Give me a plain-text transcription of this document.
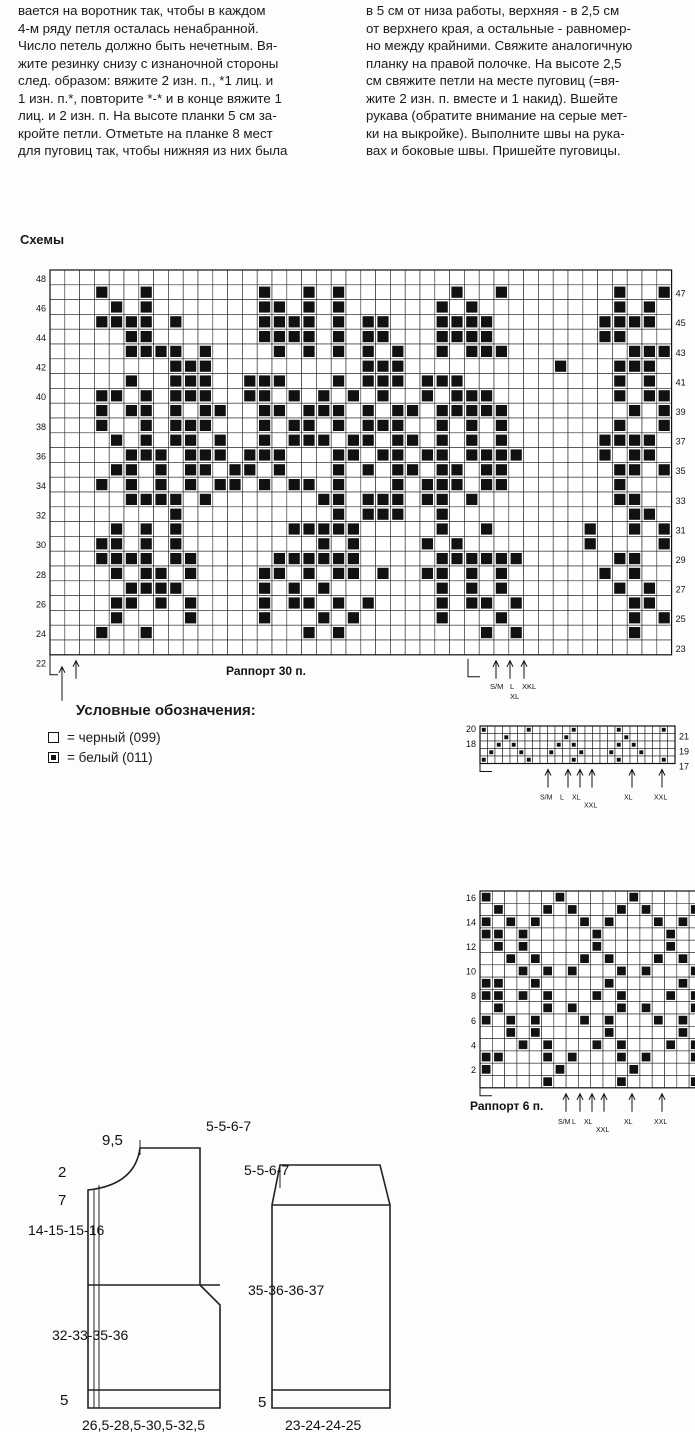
вается на воротник так, чтобы в каждом

4-м ряду петля осталась ненабранной.

Число петель должно быть нечетным. Вя-

жите резинку снизу с изнаночной стороны

след. образом: вяжите 2 изн. п., *1 лиц. и

1 изн. п.*, повторите *-* и в конце вяжите 1

лиц. и 2 изн. п. На высоте планки 5 см за-

кройте петли. Отметьте на планке 8 мест

для пуговиц так, чтобы нижняя из них была

в 5 см от низа работы, верхняя - в 2,5 см

от верхнего края, а остальные - равномер-

но между крайними. Свяжите аналогичную

планку на правой полочке. На высоте 2,5

см свяжите петли на месте пуговиц (=вя-

жите 2 изн. п. вместе и 1 накид). Вшейте

рукава (обратите внимание на серые мет-

ки на выкройке). Выполните швы на рука-

вах и боковые швы. Пришейте пуговицы.

Схемы
48
46
44
42
40
38
36
34
32
30
28
26
24
22
47
45
43
41
39
37
35
33
31
29
27
25
23
Раппорт 30 п.
S/M L XKL
XL
20
18
21
19
17
S/M L XL
XXL
XL	XXL
16
14
12
10
8
6
4
2
Раппорт 6 п.
S/M L XL
XXL
XL	XXL
Условные обозначения:
= черный (099)
= белый (011)
9,5
5-5-6-7
2
7
14-15-15-16
32-33-35-36
5
26,5-28,5-30,5-32,5
5-5-6-7
35-36-36-37
5
23-24-24-25
